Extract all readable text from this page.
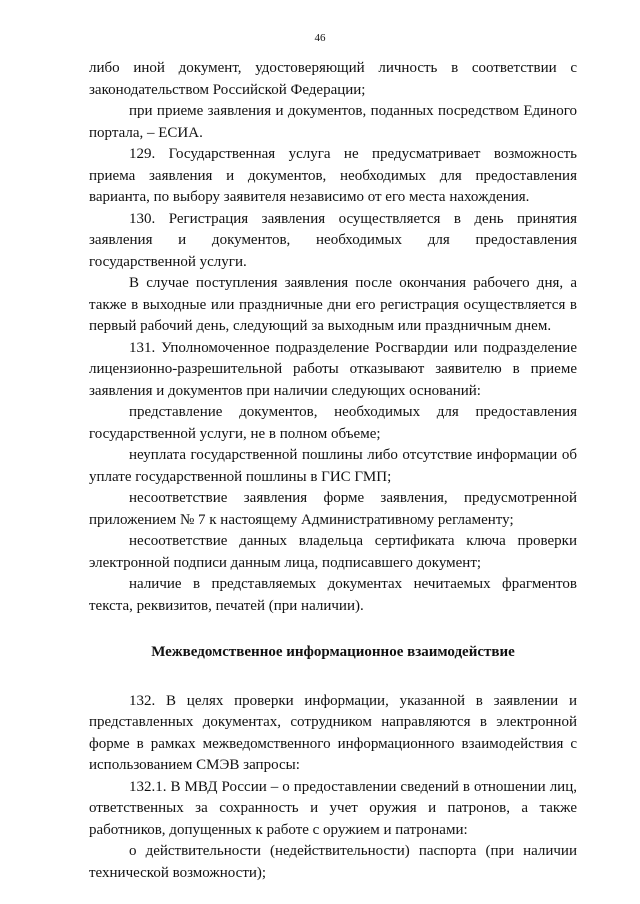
46

либо иной документ, удостоверяющий личность в соответствии с законодательством Российской Федерации;

при приеме заявления и документов, поданных посредством Единого портала, – ЕСИА.

129. Государственная услуга не предусматривает возможность приема заявления и документов, необходимых для предоставления варианта, по выбору заявителя независимо от его места нахождения.

130. Регистрация заявления осуществляется в день принятия заявления и документов, необходимых для предоставления государственной услуги.

В случае поступления заявления после окончания рабочего дня, а также в выходные или праздничные дни его регистрация осуществляется в первый рабочий день, следующий за выходным или праздничным днем.

131. Уполномоченное подразделение Росгвардии или подразделение лицензионно-разрешительной работы отказывают заявителю в приеме заявления и документов при наличии следующих оснований:

представление документов, необходимых для предоставления государственной услуги, не в полном объеме;

неуплата государственной пошлины либо отсутствие информации об уплате государственной пошлины в ГИС ГМП;

несоответствие заявления форме заявления, предусмотренной приложением № 7 к настоящему Административному регламенту;

несоответствие данных владельца сертификата ключа проверки электронной подписи данным лица, подписавшего документ;

наличие в представляемых документах нечитаемых фрагментов текста, реквизитов, печатей (при наличии).

Межведомственное информационное взаимодействие

132. В целях проверки информации, указанной в заявлении и представленных документах, сотрудником направляются в электронной форме в рамках межведомственного информационного взаимодействия с использованием СМЭВ запросы:

132.1. В МВД России – о предоставлении сведений в отношении лиц, ответственных за сохранность и учет оружия и патронов, а также работников, допущенных к работе с оружием и патронами:

о действительности (недействительности) паспорта (при наличии технической возможности);
